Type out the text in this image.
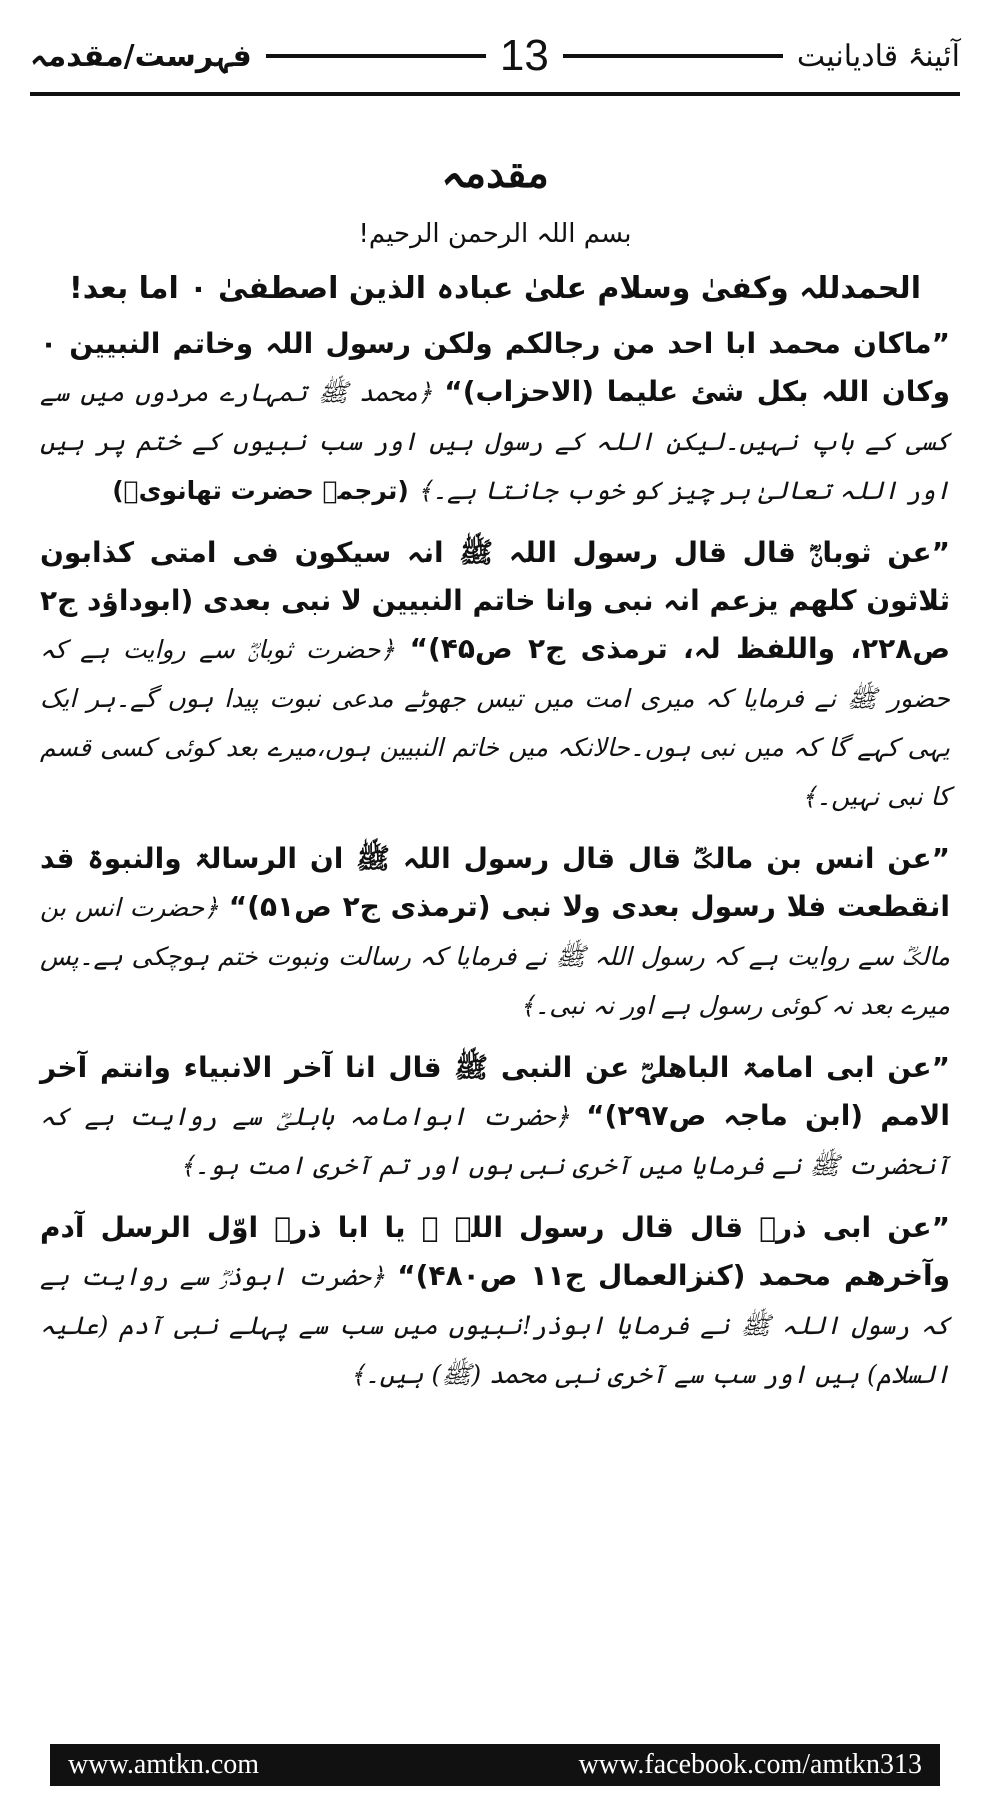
فہرست/مقدمہ	13	آئینۂ قادیانیت
مقدمہ
بسم اللہ الرحمن الرحیم!
الحمدللہ وکفیٰ وسلام علیٰ عبادہ الذین اصطفیٰ ۰ اما بعد!
”ماکان محمد ابا احد من رجالکم ولکن رسول اللہ وخاتم النبیین ۰ وکان اللہ بکل شئ علیما (الاحزاب)“ ﴿محمد ﷺ تمہارے مردوں میں سے کسی کے باپ نہیں۔لیکن اللہ کے رسول ہیں اور سب نبیوں کے ختم پر ہیں اور اللہ تعالیٰ ہر چیز کو خوب جانتا ہے۔﴾ (ترجمہ حضرت تھانویؒ)
”عن ثوبانؓ قال قال رسول اللہ ﷺ انہ سیکون فی امتی کذابون ثلاثون کلھم یزعم انہ نبی وانا خاتم النبیین لا نبی بعدی (ابوداؤد ج۲ ص۲۲۸، واللفظ لہ، ترمذی ج۲ ص۴۵)“ ﴿حضرت ثوبانؓ سے روایت ہے کہ حضور ﷺ نے فرمایا کہ میری امت میں تیس جھوٹے مدعی نبوت پیدا ہوں گے۔ہر ایک یہی کہے گا کہ میں نبی ہوں۔حالانکہ میں خاتم النبیین ہوں،میرے بعد کوئی کسی قسم کا نبی نہیں۔﴾
”عن انس بن مالکؓ قال قال رسول اللہ ﷺ ان الرسالۃ والنبوۃ قد انقطعت فلا رسول بعدی ولا نبی (ترمذی ج۲ ص۵۱)“ ﴿حضرت انس بن مالکؓ سے روایت ہے کہ رسول اللہ ﷺ نے فرمایا کہ رسالت ونبوت ختم ہوچکی ہے۔پس میرے بعد نہ کوئی رسول ہے اور نہ نبی۔﴾
”عن ابی امامۃ الباھلیؓ عن النبی ﷺ قال انا آخر الانبیاء وانتم آخر الامم (ابن ماجہ ص۲۹۷)“ ﴿حضرت ابوامامہ باہلیؓ سے روایت ہے کہ آنحضرت ﷺ نے فرمایا میں آخری نبی ہوں اور تم آخری امت ہو۔﴾
”عن ابی ذرؓ قال قال رسول اللہ ﷺ یا ابا ذرؓ اوّل الرسل آدم وآخرھم محمد (کنزالعمال ج۱۱ ص۴۸۰)“ ﴿حضرت ابوذرؓ سے روایت ہے کہ رسول اللہ ﷺ نے فرمایا ابوذر!نبیوں میں سب سے پہلے نبی آدم (علیہ السلام) ہیں اور سب سے آخری نبی محمد (ﷺ) ہیں۔﴾
www.amtkn.com	www.facebook.com/amtkn313
